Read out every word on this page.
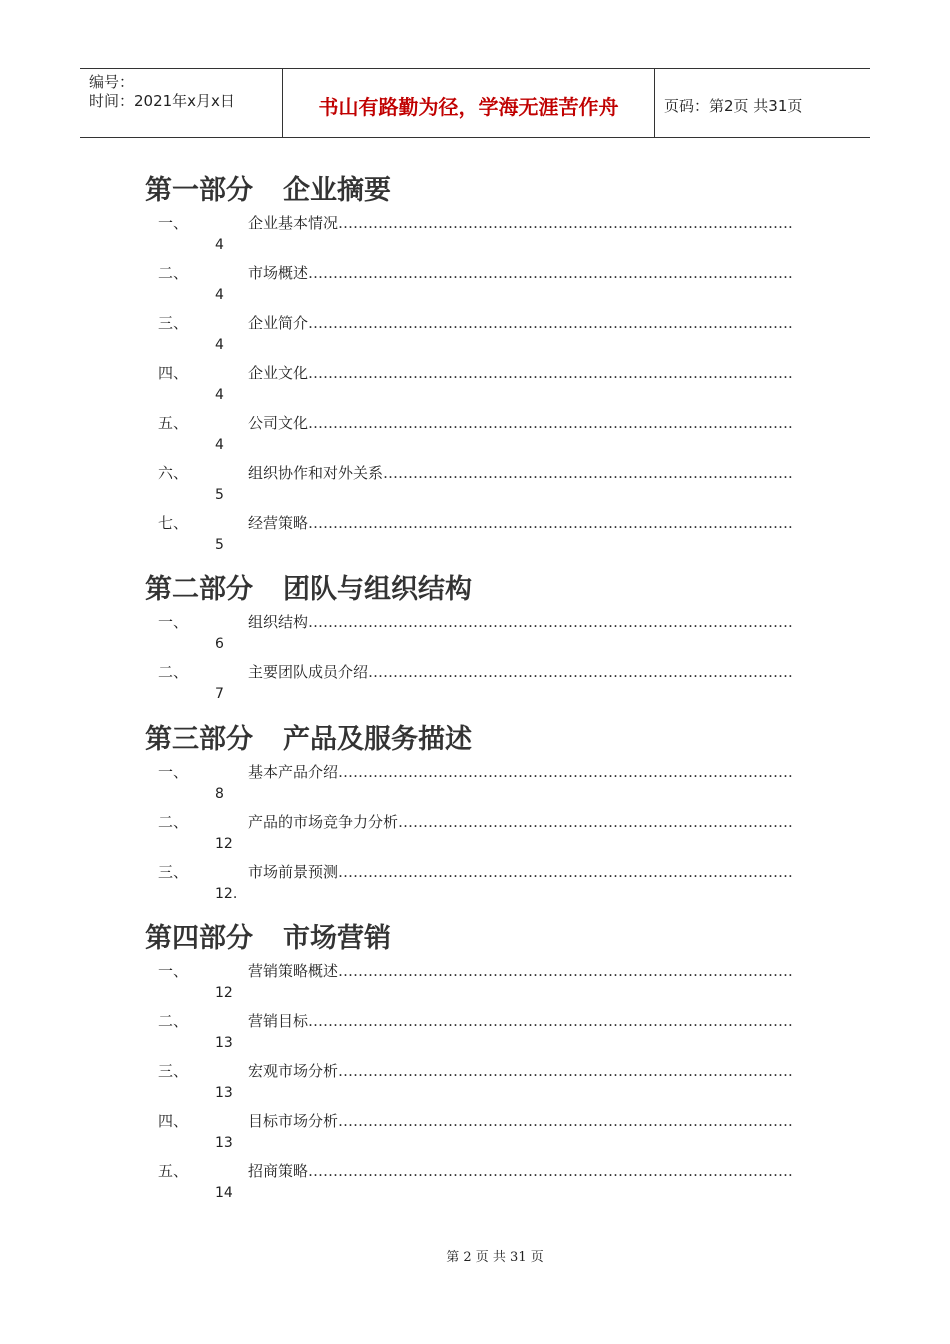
编号：
时间：2021年x月x日	书山有路勤为径，学海无涯苦作舟	页码：第2页 共31页
第一部分 企业摘要
一、	企业基本情况……………………………………………………………………………….
4
二、	市场概述…………………………………………………………………………………….
4
三、	企业简介…………………………………………………………………………………….
4
四、	企业文化…………………………………………………………………………………….
4
五、	公司文化…………………………………………………………………………………….
4
六、	组织协作和对外关系……………………………………………………………………….
5
七、	经营策略…………………………………………………………………………………….
5
第二部分 团队与组织结构
一、	组织结构…………………………………………………………………………………….
6
二、	主要团队成员介绍………………………………………………………………………….
7
第三部分 产品及服务描述
一、	基本产品介绍……………………………………………………………………………….
8
二、	产品的市场竞争力分析…………………………………………………………………….
12
三、	市场前景预测……………………………………………………………………………….
12.
第四部分 市场营销
一、	营销策略概述……………………………………………………………………………….
12
二、	营销目标…………………………………………………………………………………….
13
三、	宏观市场分析……………………………………………………………………………….
13
四、	目标市场分析……………………………………………………………………………….
13
五、	招商策略…………………………………………………………………………………….
14
第 2 页 共 31 页
